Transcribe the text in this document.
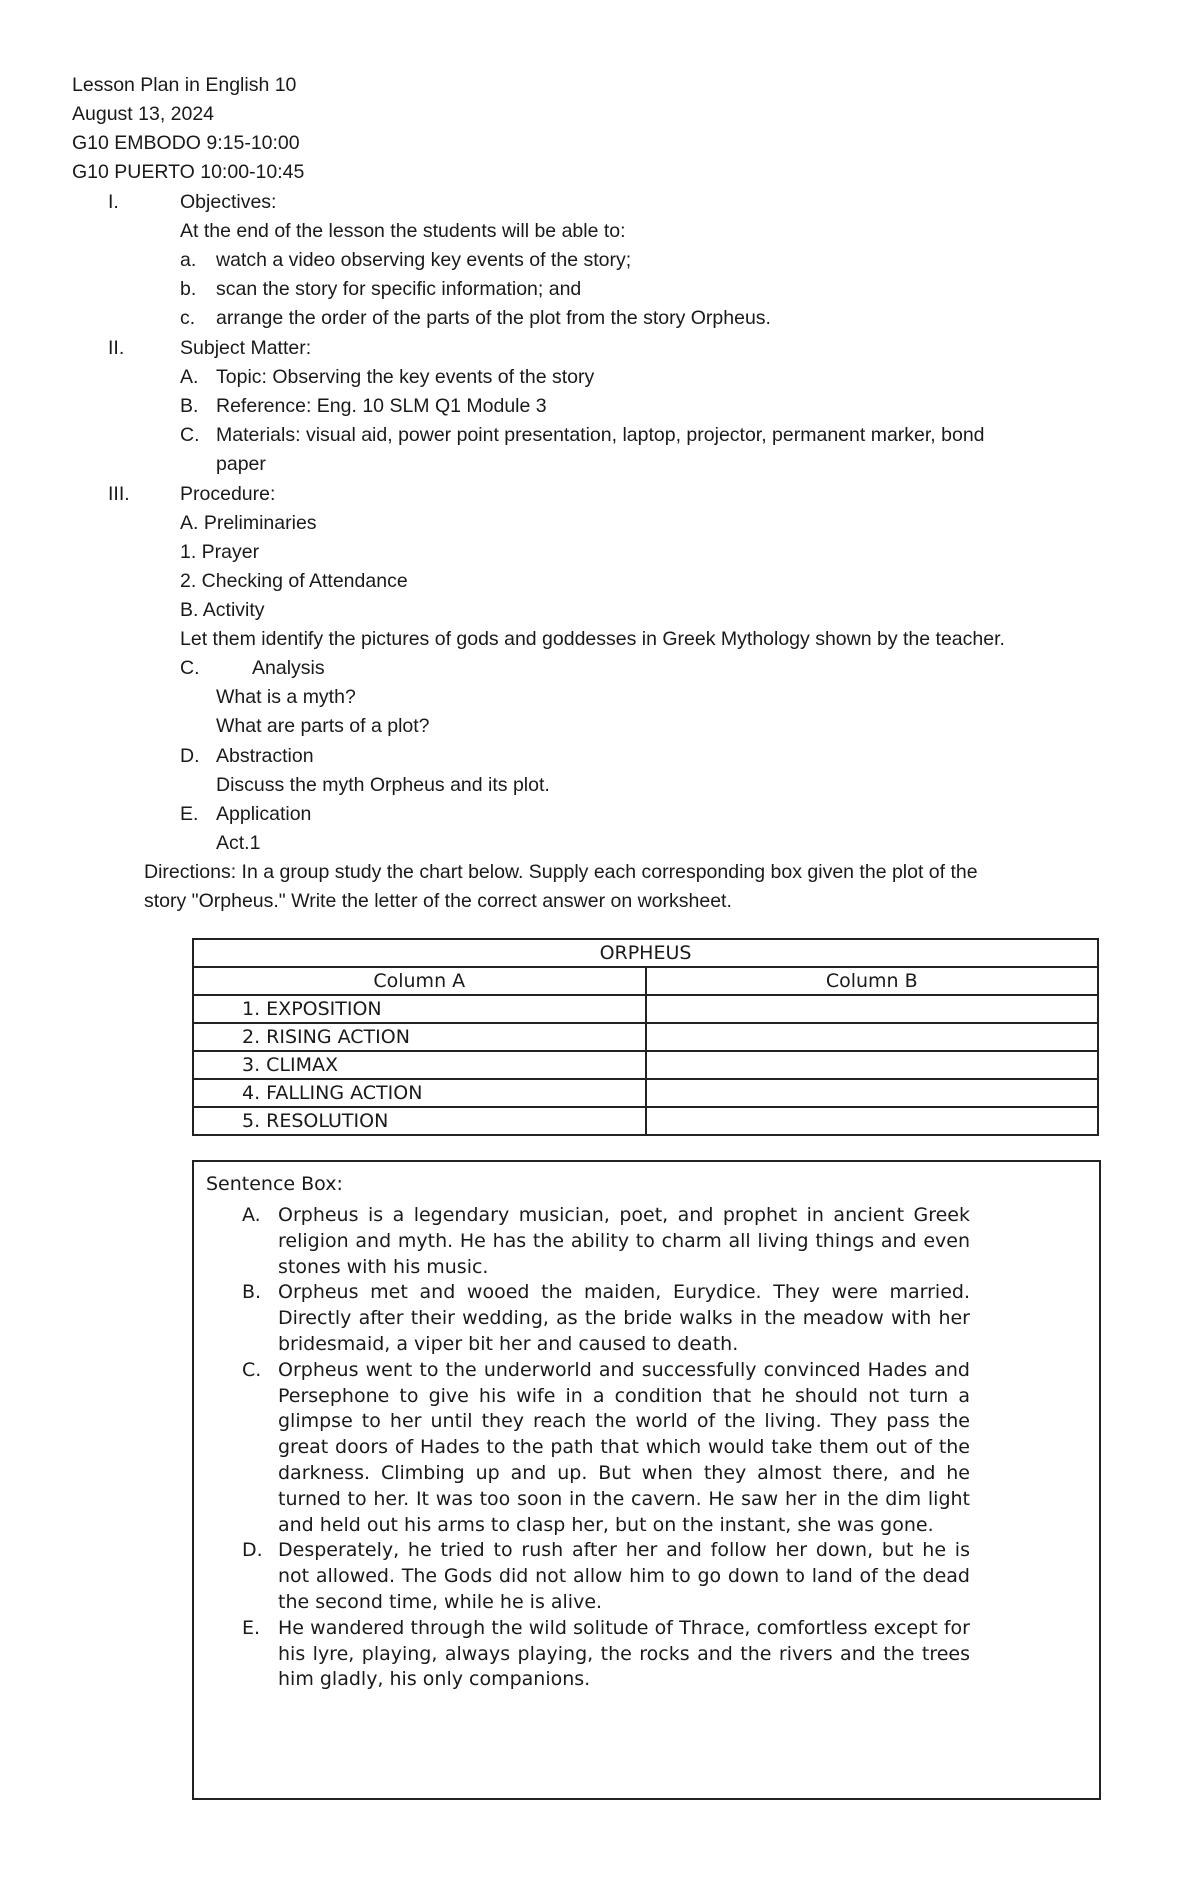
Lesson Plan in English 10
August 13, 2024
G10 EMBODO 9:15-10:00
G10 PUERTO 10:00-10:45
I.	Objectives:
At the end of the lesson the students will be able to:
a. watch a video observing key events of the story;
b. scan the story for specific information; and
c. arrange the order of the parts of the plot from the story Orpheus.
II.	Subject Matter:
A. Topic: Observing the key events of the story
B. Reference: Eng. 10 SLM Q1 Module 3
C. Materials: visual aid, power point presentation, laptop, projector, permanent marker, bond
paper
III.	Procedure:
A. Preliminaries
1. Prayer
2. Checking of Attendance
B. Activity
Let them identify the pictures of gods and goddesses in Greek Mythology shown by the teacher.
C.	Analysis
What is a myth?
What are parts of a plot?
D. Abstraction
Discuss the myth Orpheus and its plot.
E. Application
Act.1
Directions: In a group study the chart below. Supply each corresponding box given the plot of the
story "Orpheus." Write the letter of the correct answer on worksheet.
ORPHEUS	
Column A	Column B
1. EXPOSITION	
2. RISING ACTION	
3. CLIMAX	
4. FALLING ACTION	
5. RESOLUTION	
Sentence Box:
A. Orpheus is a legendary musician, poet, and prophet in ancient Greek religion and myth. He has the ability to charm all living things and even stones with his music.
B. Orpheus met and wooed the maiden, Eurydice. They were married. Directly after their wedding, as the bride walks in the meadow with her bridesmaid, a viper bit her and caused to death.
C. Orpheus went to the underworld and successfully convinced Hades and Persephone to give his wife in a condition that he should not turn a glimpse to her until they reach the world of the living. They pass the great doors of Hades to the path that which would take them out of the darkness. Climbing up and up. But when they almost there, and he turned to her. It was too soon in the cavern. He saw her in the dim light and held out his arms to clasp her, but on the instant, she was gone.
D. Desperately, he tried to rush after her and follow her down, but he is not allowed. The Gods did not allow him to go down to land of the dead the second time, while he is alive.
E. He wandered through the wild solitude of Thrace, comfortless except for his lyre, playing, always playing, the rocks and the rivers and the trees him gladly, his only companions.
